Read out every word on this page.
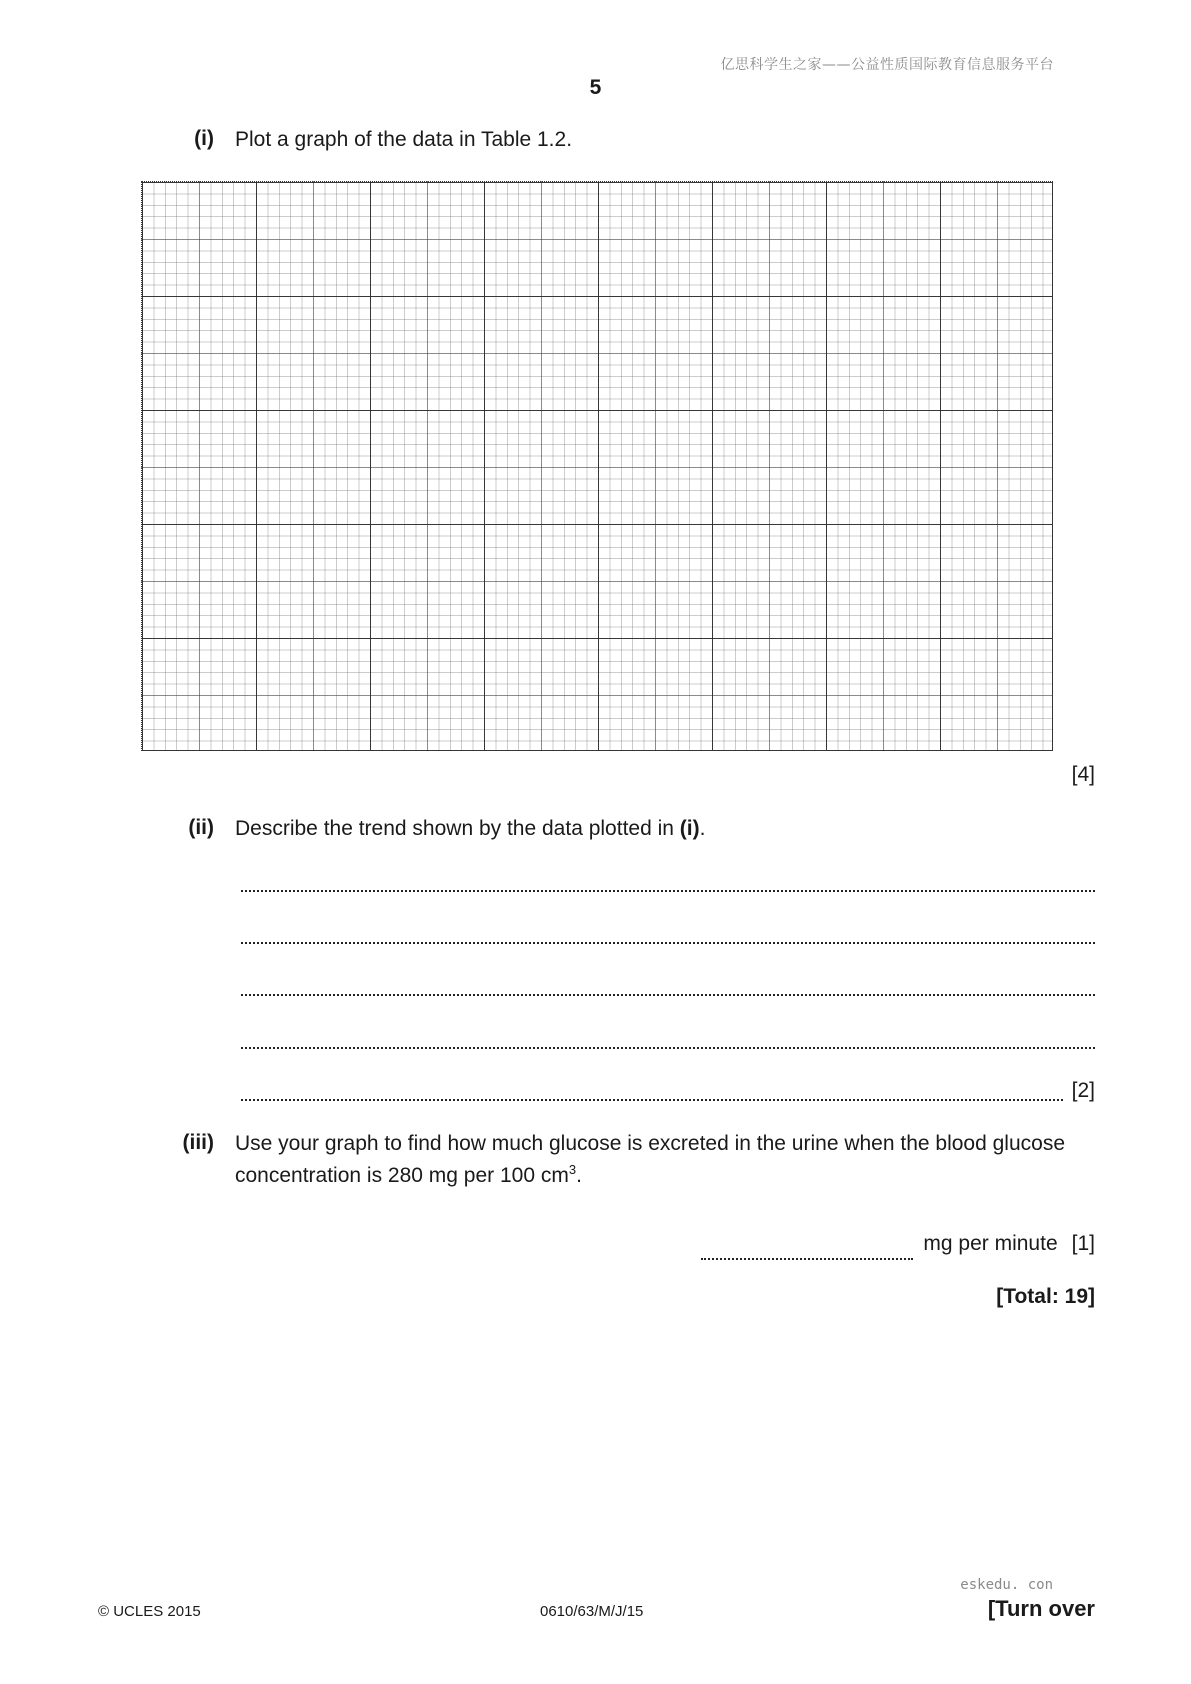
亿思科学生之家——公益性质国际教育信息服务平台
5
(i) Plot a graph of the data in Table 1.2.
[4]
(ii) Describe the trend shown by the data plotted in (i).
[2]
(iii) Use your graph to find how much glucose is excreted in the urine when the blood glucose
concentration is 280 mg per 100 $cm^3$.
mg per minute [1]
[Total: 19]
© UCLES 2015	0610/63/M/J/15
eskedu. con
[Turn over
